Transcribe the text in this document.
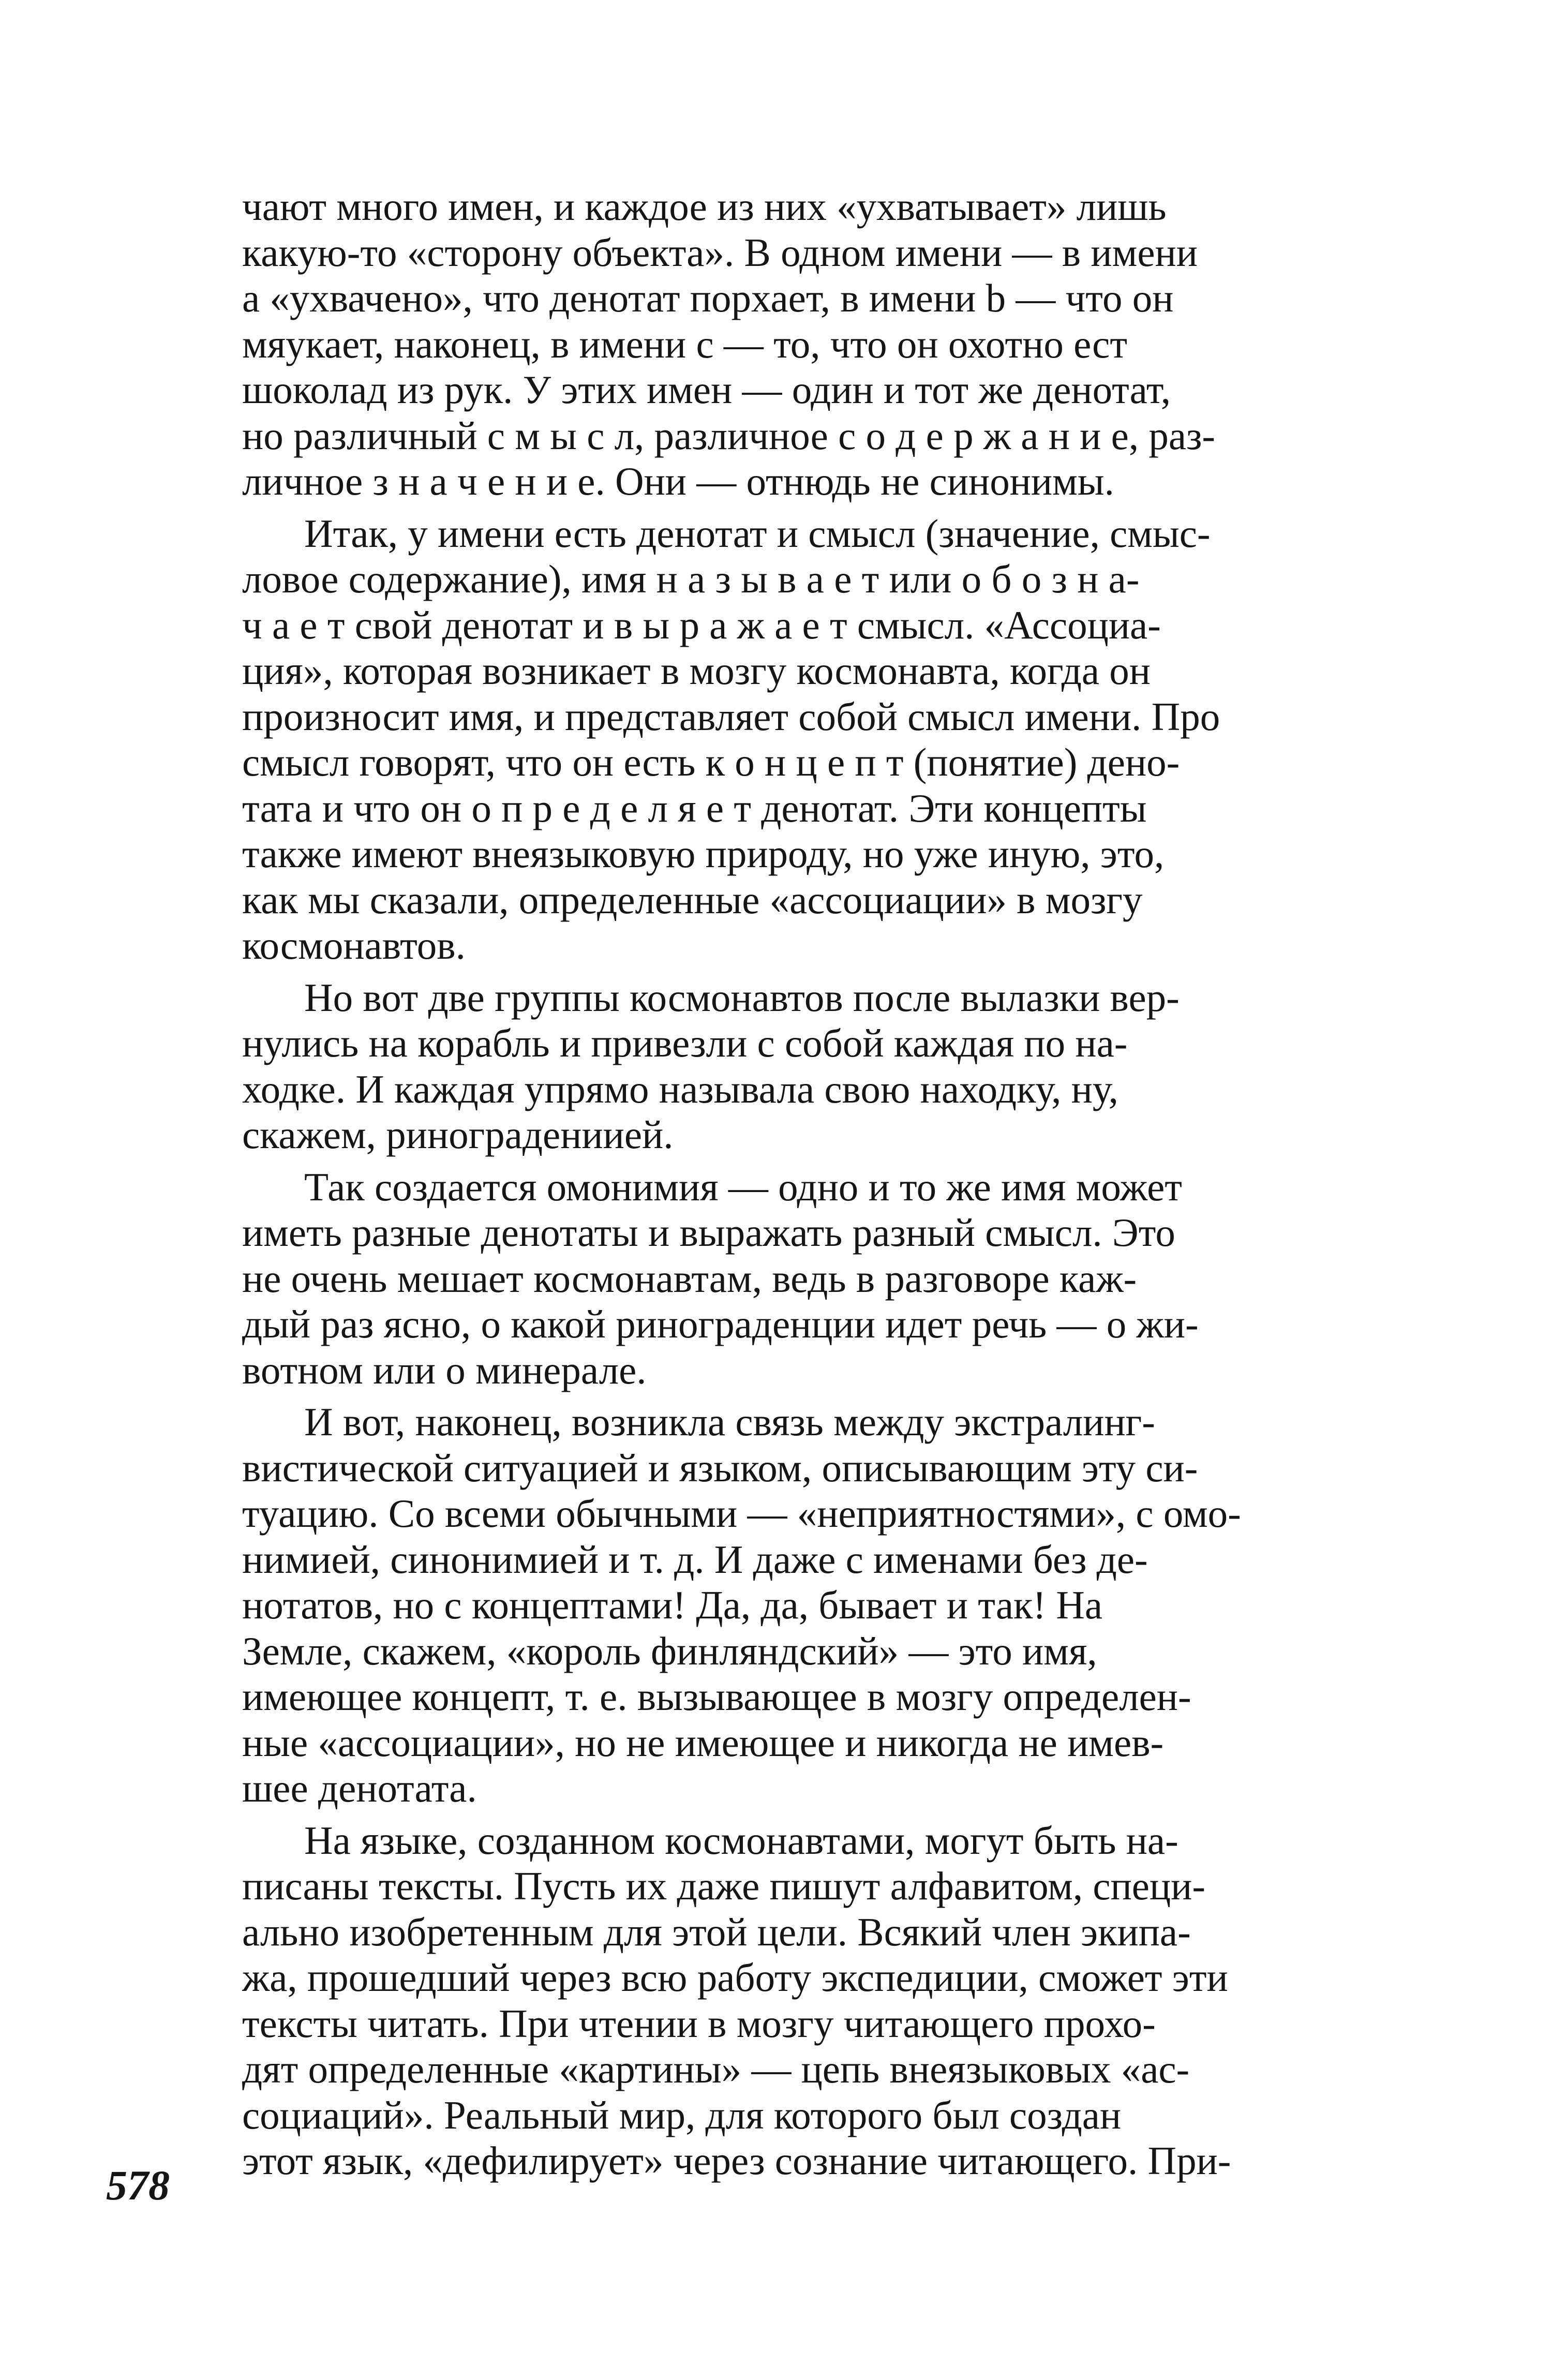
чают много имен, и каждое из них «ухватывает» лишь
какую-то «сторону объекта». В одном имени — в имени
a «ухвачено», что денотат порхает, в имени b — что он
мяукает, наконец, в имени c — то, что он охотно ест
шоколад из рук. У этих имен — один и тот же денотат,
но различный с м ы с л, различное с о д е р ж а н и е, раз-
личное з н а ч е н и е. Они — отнюдь не синонимы.
Итак, у имени есть денотат и смысл (значение, смыс-
ловое содержание), имя н а з ы в а е т или о б о з н а-
ч а е т свой денотат и в ы р а ж а е т смысл. «Ассоциа-
ция», которая возникает в мозгу космонавта, когда он
произносит имя, и представляет собой смысл имени. Про
смысл говорят, что он есть к о н ц е п т (понятие) дено-
тата и что он о п р е д е л я е т денотат. Эти концепты
также имеют внеязыковую природу, но уже иную, это,
как мы сказали, определенные «ассоциации» в мозгу
космонавтов.
Но вот две группы космонавтов после вылазки вер-
нулись на корабль и привезли с собой каждая по на-
ходке. И каждая упрямо называла свою находку, ну,
скажем, риноградениией.
Так создается омонимия — одно и то же имя может
иметь разные денотаты и выражать разный смысл. Это
не очень мешает космонавтам, ведь в разговоре каж-
дый раз ясно, о какой ринограденции идет речь — о жи-
вотном или о минерале.
И вот, наконец, возникла связь между экстралинг-
вистической ситуацией и языком, описывающим эту си-
туацию. Со всеми обычными — «неприятностями», с омо-
нимией, синонимией и т. д. И даже с именами без де-
нотатов, но с концептами! Да, да, бывает и так! На
Земле, скажем, «король финляндский» — это имя,
имеющее концепт, т. е. вызывающее в мозгу определен-
ные «ассоциации», но не имеющее и никогда не имев-
шее денотата.
На языке, созданном космонавтами, могут быть на-
писаны тексты. Пусть их даже пишут алфавитом, специ-
ально изобретенным для этой цели. Всякий член экипа-
жа, прошедший через всю работу экспедиции, сможет эти
тексты читать. При чтении в мозгу читающего прохо-
дят определенные «картины» — цепь внеязыковых «ас-
социаций». Реальный мир, для которого был создан
этот язык, «дефилирует» через сознание читающего. При-
578
